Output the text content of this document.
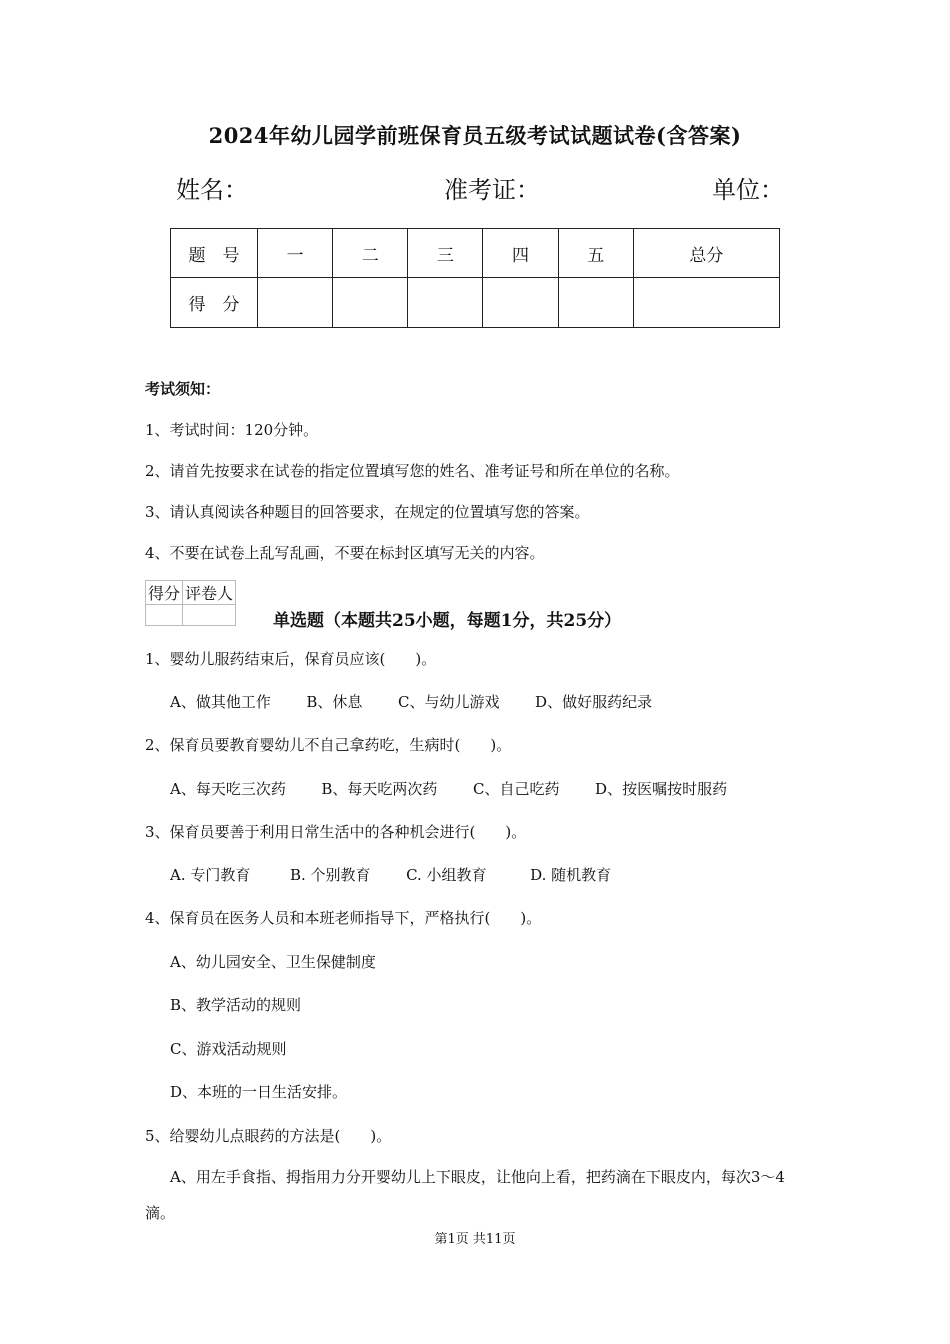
2024年幼儿园学前班保育员五级考试试题试卷(含答案)
姓名：	准考证：	单位：
题　号	一	二	三	四	五	总分
得　分						
考试须知：
1、考试时间：120分钟。
2、请首先按要求在试卷的指定位置填写您的姓名、准考证号和所在单位的名称。
3、请认真阅读各种题目的回答要求，在规定的位置填写您的答案。
4、不要在试卷上乱写乱画，不要在标封区填写无关的内容。
得分	评卷人

单选题（本题共25小题，每题1分，共25分）
1、婴幼儿服药结束后，保育员应该(　　)。
A、做其他工作 B、休息 C、与幼儿游戏 D、做好服药纪录
2、保育员要教育婴幼儿不自己拿药吃，生病时(　　)。
A、每天吃三次药 B、每天吃两次药 C、自己吃药 D、按医嘱按时服药
3、保育员要善于利用日常生活中的各种机会进行(　　)。
A. 专门教育	B. 个别教育 C. 小组教育	D. 随机教育
4、保育员在医务人员和本班老师指导下，严格执行(　　)。
A、幼儿园安全、卫生保健制度
B、教学活动的规则
C、游戏活动规则
D、本班的一日生活安排。
5、给婴幼儿点眼药的方法是(　　)。
A、用左手食指、拇指用力分开婴幼儿上下眼皮，让他向上看，把药滴在下眼皮内，每次3～4滴。
第1页 共11页
